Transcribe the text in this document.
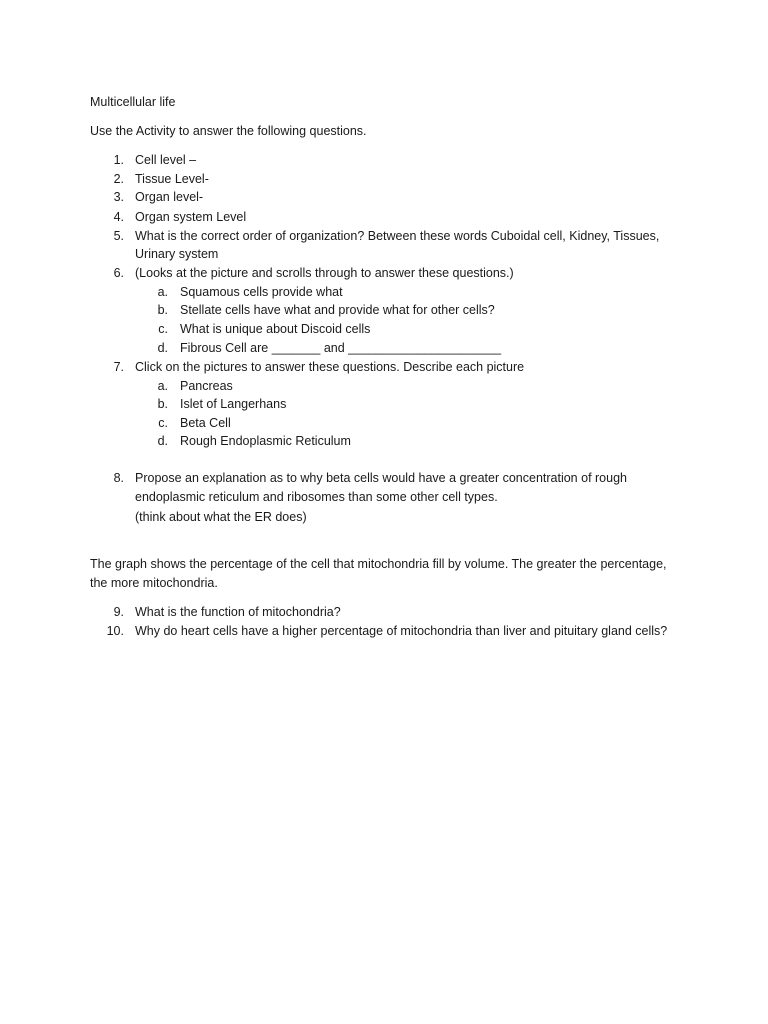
Multicellular life
Use the Activity to answer the following questions.
1. Cell level –
2. Tissue Level-
3. Organ level-
4. Organ system Level
5. What is the correct order of organization? Between these words Cuboidal cell, Kidney, Tissues,
Urinary system
6. (Looks at the picture and scrolls through to answer these questions.)
a. Squamous cells provide what
b. Stellate cells have what and provide what for other cells?
c. What is unique about Discoid cells
d. Fibrous Cell are _______ and ______________________
7. Click on the pictures to answer these questions. Describe each picture
a. Pancreas
b. Islet of Langerhans
c. Beta Cell
d. Rough Endoplasmic Reticulum
8. Propose an explanation as to why beta cells would have a greater concentration of rough
endoplasmic reticulum and ribosomes than some other cell types.
(think about what the ER does)
The graph shows the percentage of the cell that mitochondria fill by volume. The greater the percentage,
the more mitochondria.
9. What is the function of mitochondria?
10. Why do heart cells have a higher percentage of mitochondria than liver and pituitary gland cells?
